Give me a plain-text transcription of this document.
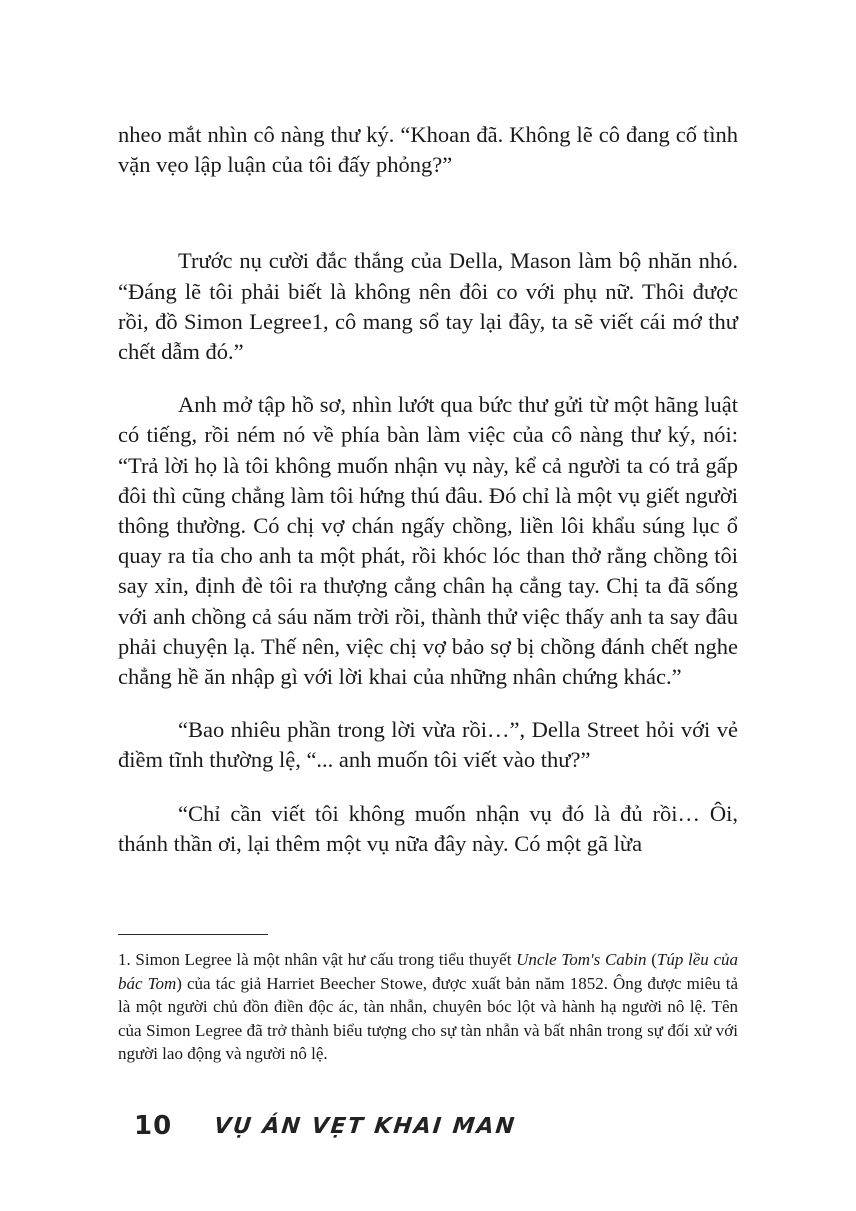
nheo mắt nhìn cô nàng thư ký. “Khoan đã. Không lẽ cô đang cố tình vặn vẹo lập luận của tôi đấy phỏng?”

Trước nụ cười đắc thắng của Della, Mason làm bộ nhăn nhó. “Đáng lẽ tôi phải biết là không nên đôi co với phụ nữ. Thôi được rồi, đồ Simon Legree1, cô mang sổ tay lại đây, ta sẽ viết cái mớ thư chết dẫm đó.”

Anh mở tập hồ sơ, nhìn lướt qua bức thư gửi từ một hãng luật có tiếng, rồi ném nó về phía bàn làm việc của cô nàng thư ký, nói: “Trả lời họ là tôi không muốn nhận vụ này, kể cả người ta có trả gấp đôi thì cũng chẳng làm tôi hứng thú đâu. Đó chỉ là một vụ giết người thông thường. Có chị vợ chán ngấy chồng, liền lôi khẩu súng lục ổ quay ra tỉa cho anh ta một phát, rồi khóc lóc than thở rằng chồng tôi say xỉn, định đè tôi ra thượng cẳng chân hạ cẳng tay. Chị ta đã sống với anh chồng cả sáu năm trời rồi, thành thử việc thấy anh ta say đâu phải chuyện lạ. Thế nên, việc chị vợ bảo sợ bị chồng đánh chết nghe chẳng hề ăn nhập gì với lời khai của những nhân chứng khác.”

“Bao nhiêu phần trong lời vừa rồi…”, Della Street hỏi với vẻ điềm tĩnh thường lệ, “... anh muốn tôi viết vào thư?”

“Chỉ cần viết tôi không muốn nhận vụ đó là đủ rồi… Ôi, thánh thần ơi, lại thêm một vụ nữa đây này. Có một gã lừa

1. Simon Legree là một nhân vật hư cấu trong tiểu thuyết Uncle Tom's Cabin (Túp lều của bác Tom) của tác giả Harriet Beecher Stowe, được xuất bản năm 1852. Ông được miêu tả là một người chủ đồn điền độc ác, tàn nhẫn, chuyên bóc lột và hành hạ người nô lệ. Tên của Simon Legree đã trở thành biểu tượng cho sự tàn nhẫn và bất nhân trong sự đối xử với người lao động và người nô lệ.

10	VỤ ÁN VẸT KHAI MAN
